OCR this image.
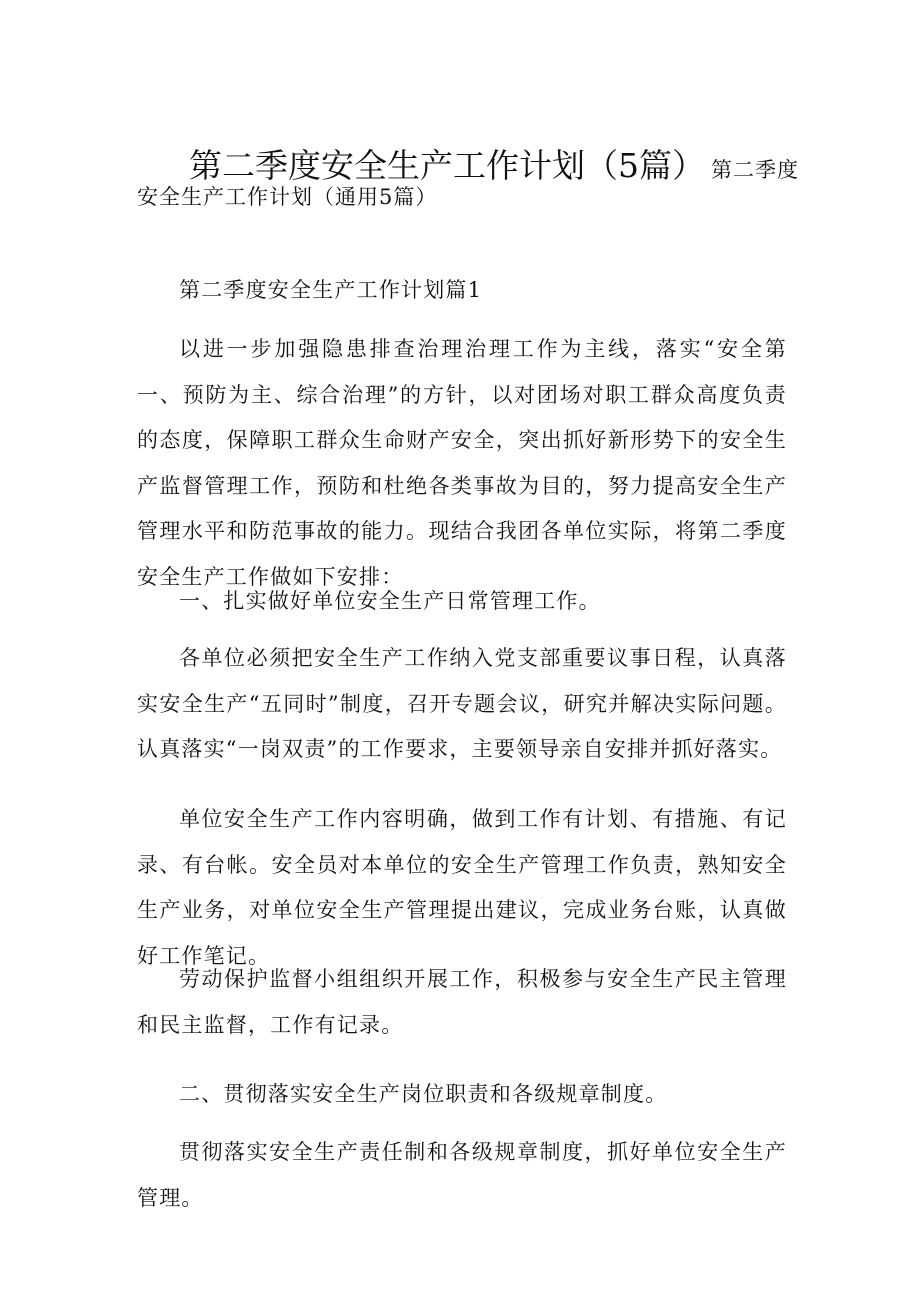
第二季度安全生产工作计划（5篇） 第二季度
安全生产工作计划（通用5篇）
第二季度安全生产工作计划篇1
以进一步加强隐患排查治理治理工作为主线，落实“安全第一、预防为主、综合治理”的方针，以对团场对职工群众高度负责的态度，保障职工群众生命财产安全，突出抓好新形势下的安全生产监督管理工作，预防和杜绝各类事故为目的，努力提高安全生产管理水平和防范事故的能力。现结合我团各单位实际，将第二季度安全生产工作做如下安排：
一、扎实做好单位安全生产日常管理工作。
各单位必须把安全生产工作纳入党支部重要议事日程，认真落实安全生产“五同时”制度，召开专题会议，研究并解决实际问题。认真落实“一岗双责”的工作要求，主要领导亲自安排并抓好落实。
单位安全生产工作内容明确，做到工作有计划、有措施、有记录、有台帐。安全员对本单位的安全生产管理工作负责，熟知安全生产业务，对单位安全生产管理提出建议，完成业务台账，认真做好工作笔记。
劳动保护监督小组组织开展工作，积极参与安全生产民主管理和民主监督，工作有记录。
二、贯彻落实安全生产岗位职责和各级规章制度。
贯彻落实安全生产责任制和各级规章制度，抓好单位安全生产管理。
